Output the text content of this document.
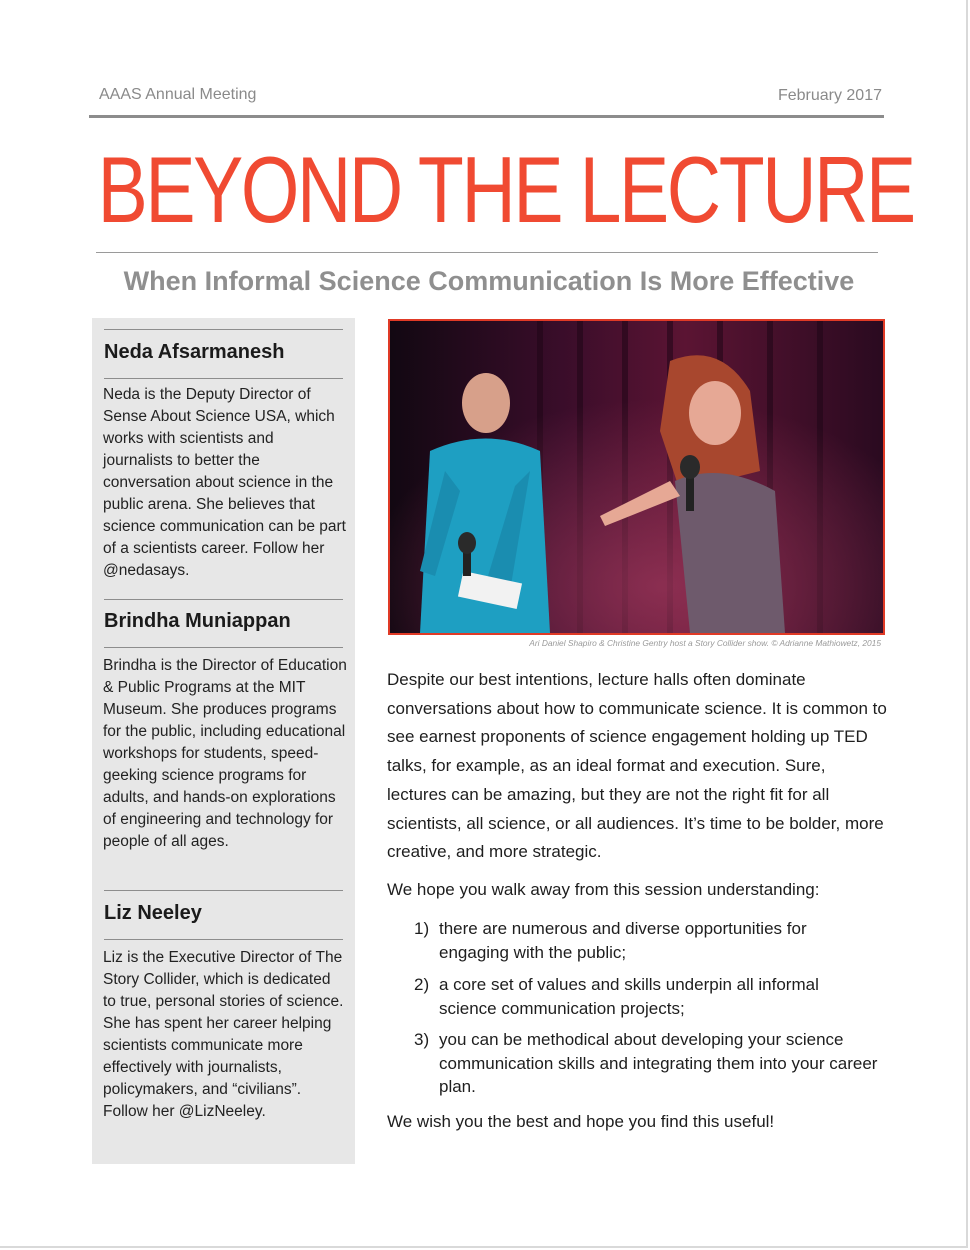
AAAS Annual Meeting	February 2017
BEYOND THE LECTURE
When Informal Science Communication Is More Effective
Neda Afsarmanesh
Neda is the Deputy Director of Sense About Science USA, which works with scientists and journalists to better the conversation about science in the public arena. She believes that science communication can be part of a scientists career. Follow her @nedasays.
Brindha Muniappan
Brindha is the Director of Education & Public Programs at the MIT Museum. She produces programs for the public, including educational workshops for students, speed-geeking science programs for adults, and hands-on explorations of engineering and technology for people of all ages.
Liz Neeley
Liz is the Executive Director of The Story Collider, which is dedicated to true, personal stories of science. She has spent her career helping scientists communicate more effectively with journalists, policymakers, and “civilians”. Follow her @LizNeeley.
Ari Daniel Shapiro & Christine Gentry host a Story Collider show. © Adrianne Mathiowetz, 2015
Despite our best intentions, lecture halls often dominate conversations about how to communicate science. It is common to see earnest proponents of science engagement holding up TED talks, for example, as an ideal format and execution. Sure, lectures can be amazing, but they are not the right fit for all scientists, all science, or all audiences. It’s time to be bolder, more creative, and more strategic.
We hope you walk away from this session understanding:
1) there are numerous and diverse opportunities for engaging with the public;
2) a core set of values and skills underpin all informal science communication projects;
3) you can be methodical about developing your science communication skills and integrating them into your career plan.
We wish you the best and hope you find this useful!
